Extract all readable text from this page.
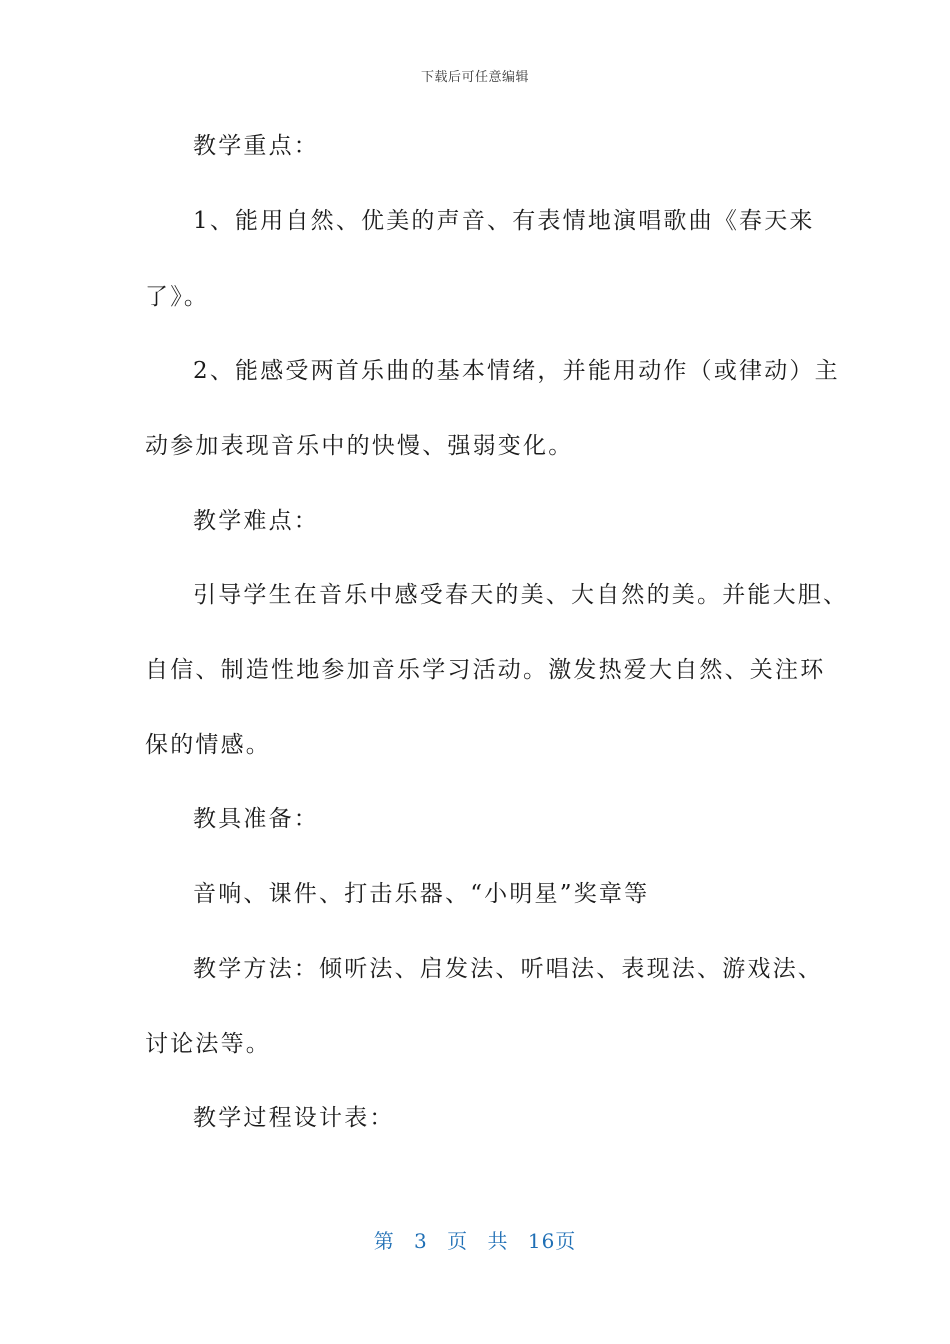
下载后可任意编辑
教学重点：
1、能用自然、优美的声音、有表情地演唱歌曲《春天来
了》。
2、能感受两首乐曲的基本情绪，并能用动作（或律动）主
动参加表现音乐中的快慢、强弱变化。
教学难点：
引导学生在音乐中感受春天的美、大自然的美。并能大胆、
自信、制造性地参加音乐学习活动。激发热爱大自然、关注环
保的情感。
教具准备：
音响、课件、打击乐器、“小明星”奖章等
教学方法：倾听法、启发法、听唱法、表现法、游戏法、
讨论法等。
教学过程设计表：
第 3 页 共 16页
